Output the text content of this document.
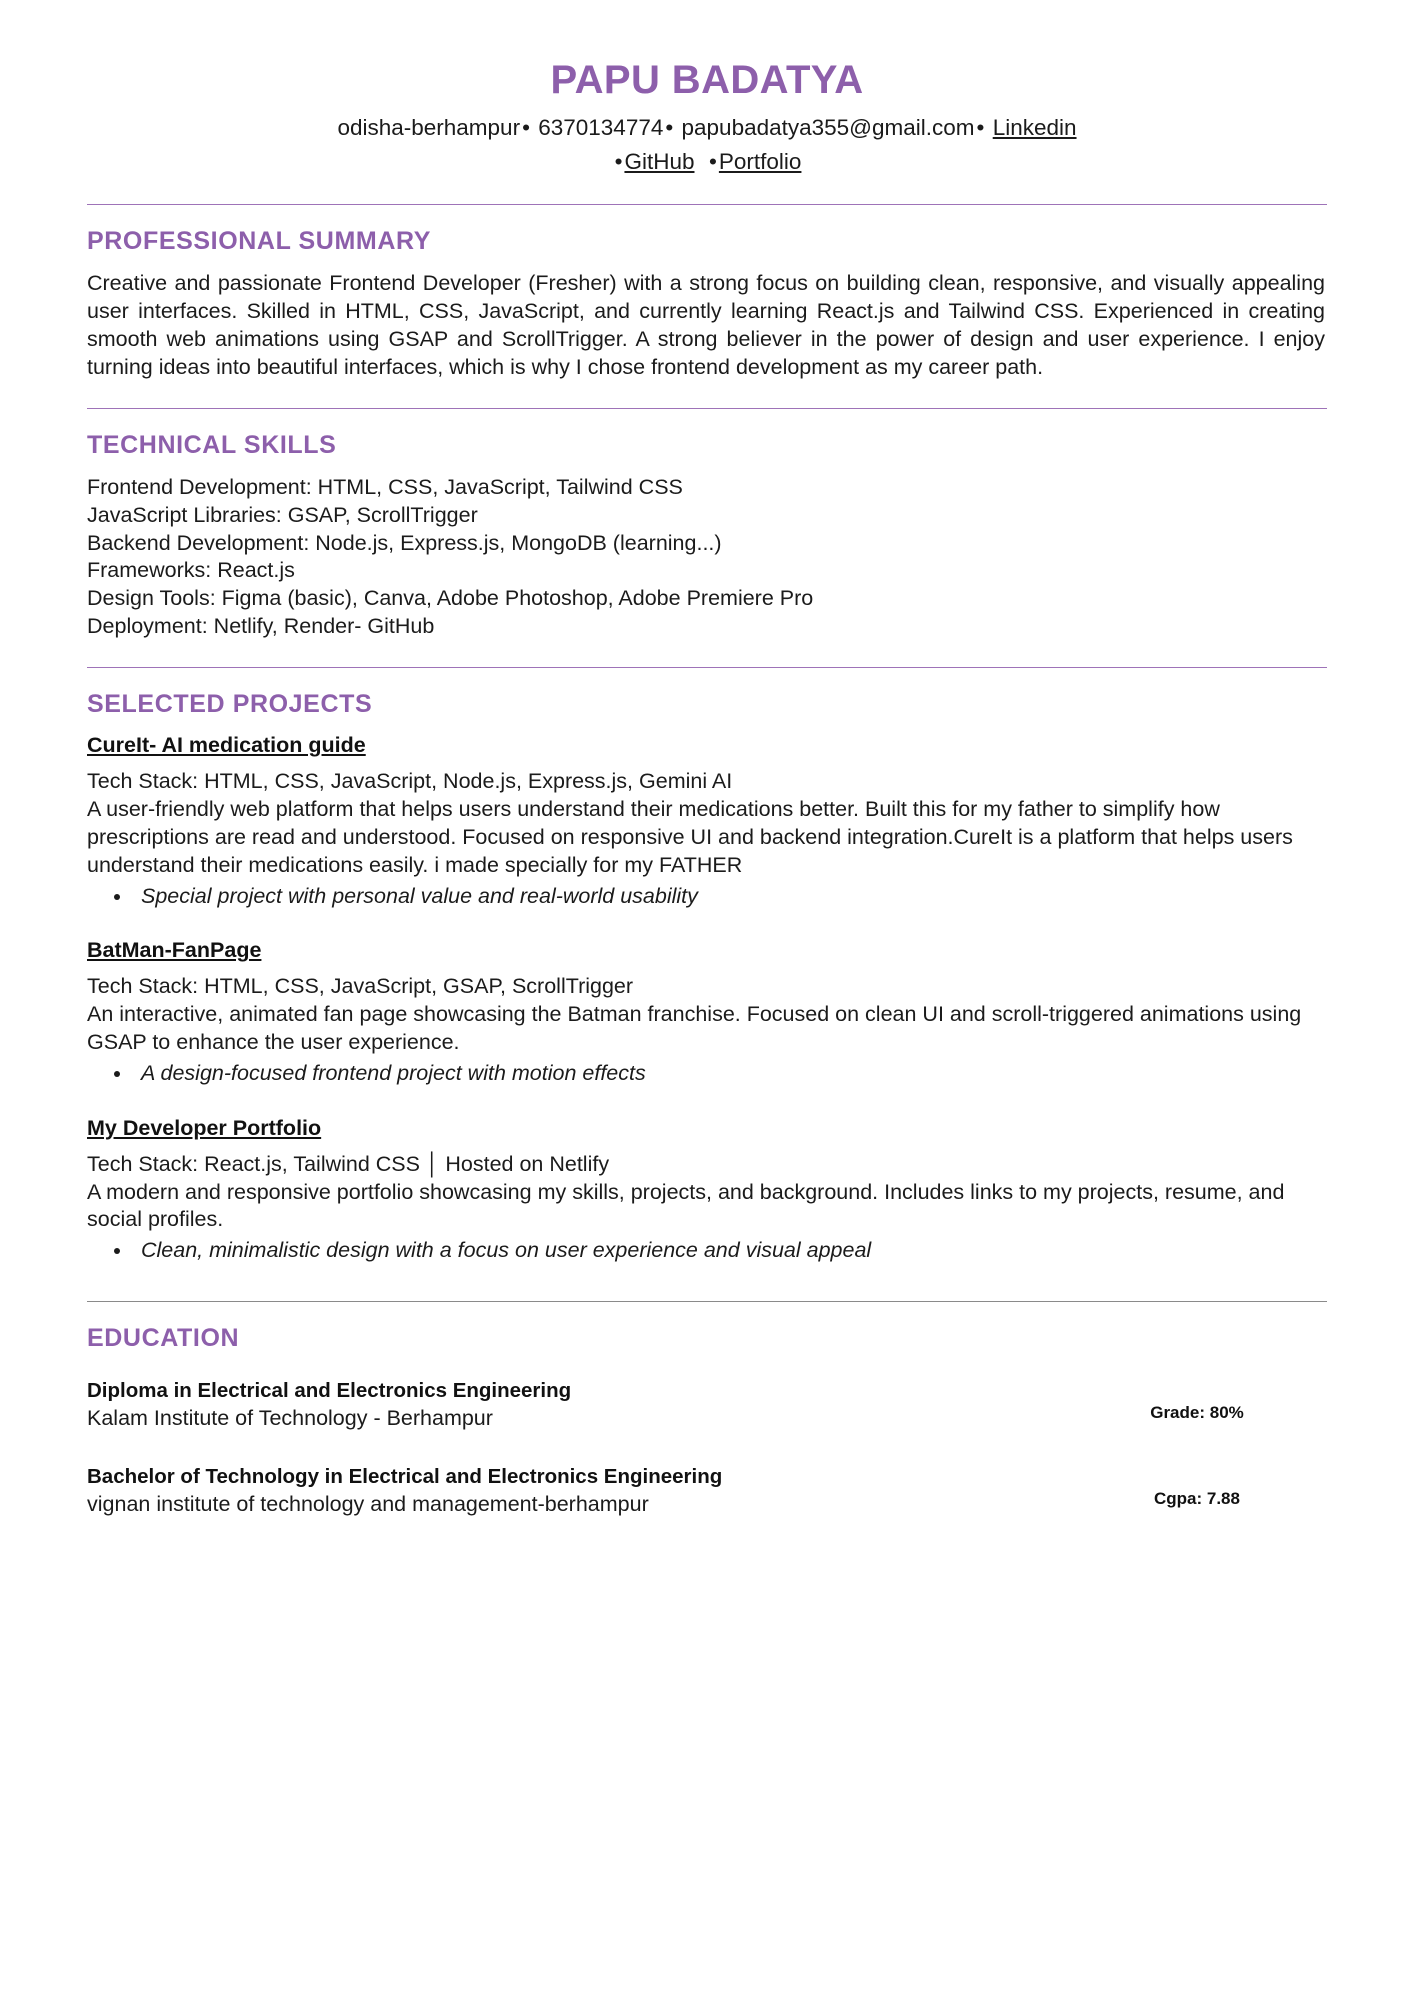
PAPU BADATYA
odisha-berhampur• 6370134774• papubadatya355@gmail.com• Linkedin
•GitHub •Portfolio
PROFESSIONAL SUMMARY

Creative and passionate Frontend Developer (Fresher) with a strong focus on building clean, responsive, and visually appealing user interfaces. Skilled in HTML, CSS, JavaScript, and currently learning React.js and Tailwind CSS. Experienced in creating smooth web animations using GSAP and ScrollTrigger. A strong believer in the power of design and user experience. I enjoy turning ideas into beautiful interfaces, which is why I chose frontend development as my career path.

TECHNICAL SKILLS
Frontend Development: HTML, CSS, JavaScript, Tailwind CSS
JavaScript Libraries: GSAP, ScrollTrigger
Backend Development: Node.js, Express.js, MongoDB (learning...)
Frameworks: React.js
Design Tools: Figma (basic), Canva, Adobe Photoshop, Adobe Premiere Pro
Deployment: Netlify, Render- GitHub
SELECTED PROJECTS
CureIt- AI medication guide

Tech Stack: HTML, CSS, JavaScript, Node.js, Express.js, Gemini AI

A user-friendly web platform that helps users understand their medications better. Built this for my father to simplify how prescriptions are read and understood. Focused on responsive UI and backend integration.CureIt is a platform that helps users understand their medications easily. i made specially for my FATHER

• Special project with personal value and real-world usability
BatMan-FanPage

Tech Stack: HTML, CSS, JavaScript, GSAP, ScrollTrigger

An interactive, animated fan page showcasing the Batman franchise. Focused on clean UI and scroll-triggered animations using GSAP to enhance the user experience.

• A design-focused frontend project with motion effects
My Developer Portfolio

Tech Stack: React.js, Tailwind CSS │ Hosted on Netlify

A modern and responsive portfolio showcasing my skills, projects, and background. Includes links to my projects, resume, and social profiles.

• Clean, minimalistic design with a focus on user experience and visual appeal
EDUCATION
Diploma in Electrical and Electronics Engineering
Kalam Institute of Technology - Berhampur	Grade: 80%
Bachelor of Technology in Electrical and Electronics Engineering
vignan institute of technology and management-berhampur	Cgpa: 7.88
